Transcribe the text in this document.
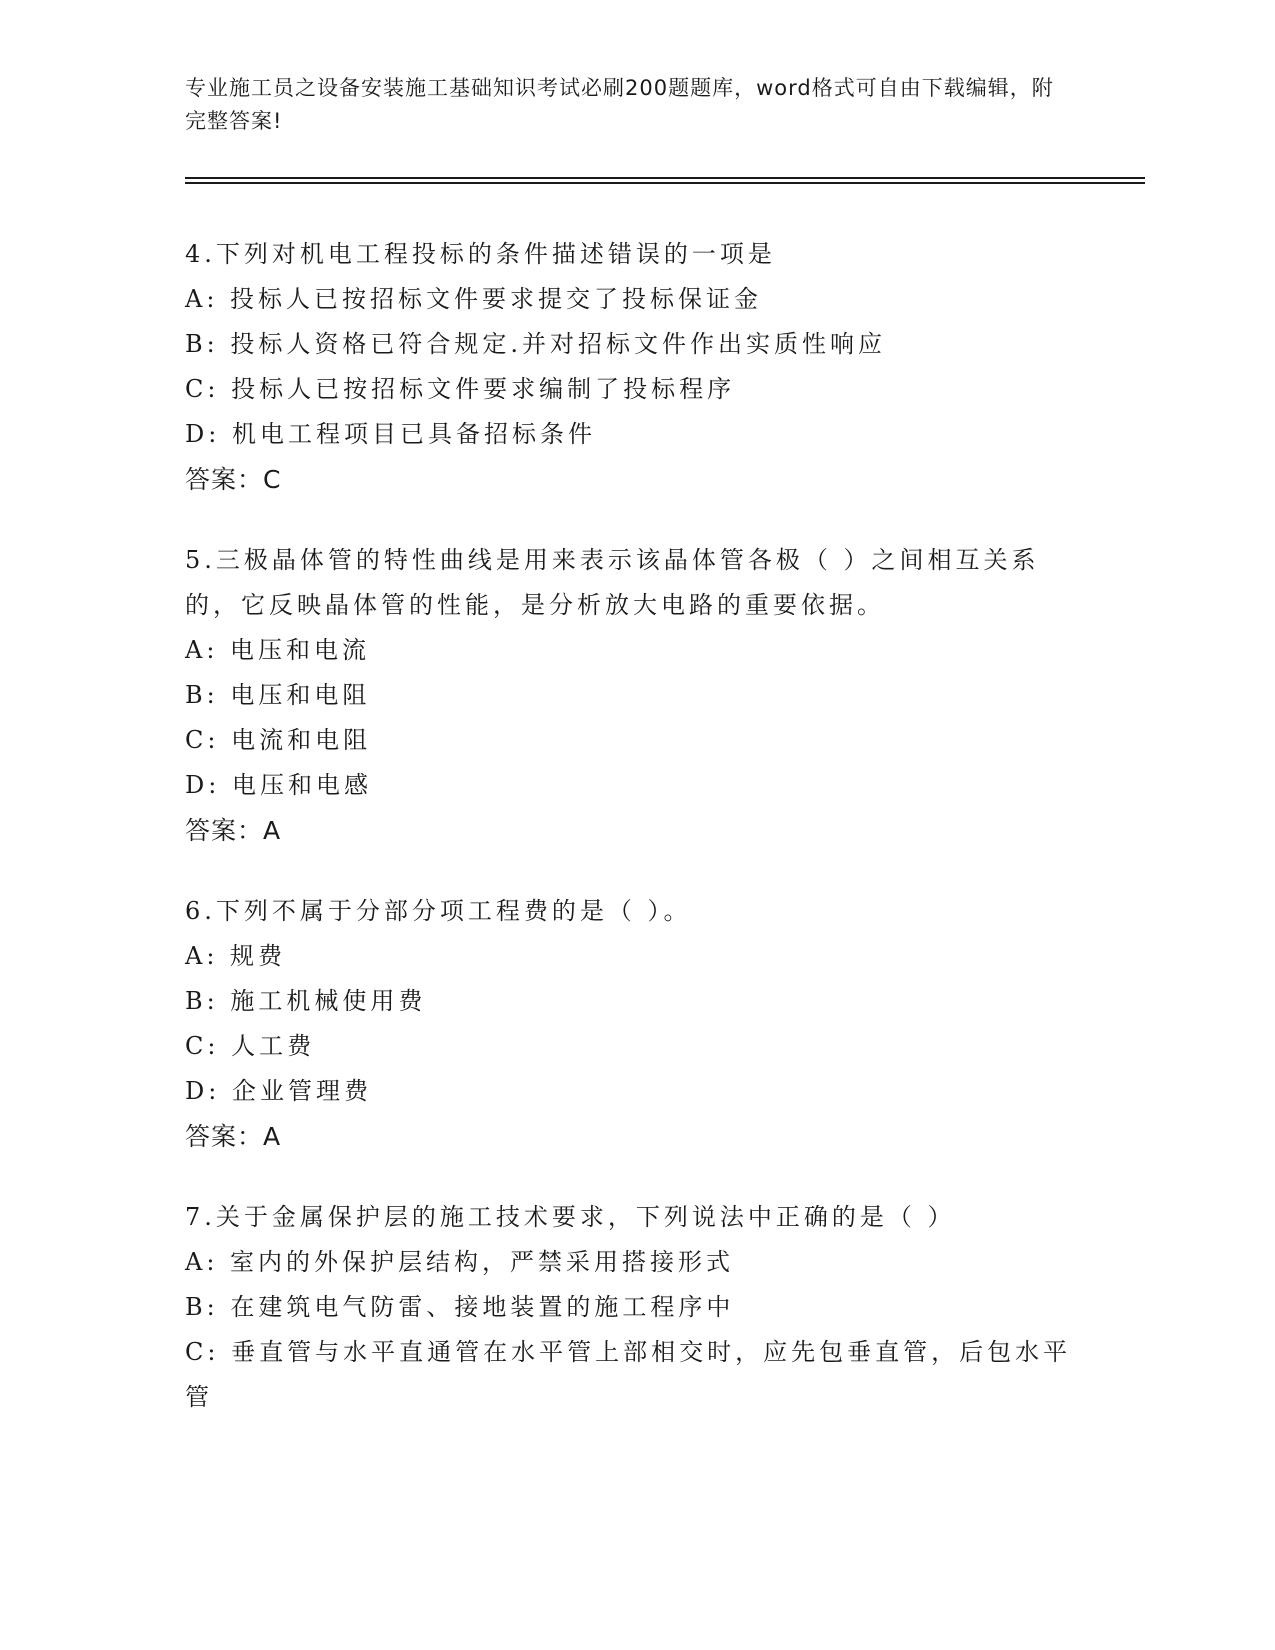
专业施工员之设备安装施工基础知识考试必刷200题题库，word格式可自由下载编辑，附完整答案!
4.下列对机电工程投标的条件描述错误的一项是
A: 投标人已按招标文件要求提交了投标保证金
B: 投标人资格已符合规定.并对招标文件作出实质性响应
C: 投标人已按招标文件要求编制了投标程序
D: 机电工程项目已具备招标条件
答案：C
5.三极晶体管的特性曲线是用来表示该晶体管各极（ ）之间相互关系的，它反映晶体管的性能，是分析放大电路的重要依据。
A: 电压和电流
B: 电压和电阻
C: 电流和电阻
D: 电压和电感
答案：A
6.下列不属于分部分项工程费的是（ ）。
A: 规费
B: 施工机械使用费
C: 人工费
D: 企业管理费
答案：A
7.关于金属保护层的施工技术要求，下列说法中正确的是（ ）
A: 室内的外保护层结构，严禁采用搭接形式
B: 在建筑电气防雷、接地装置的施工程序中
C: 垂直管与水平直通管在水平管上部相交时，应先包垂直管，后包水平管
